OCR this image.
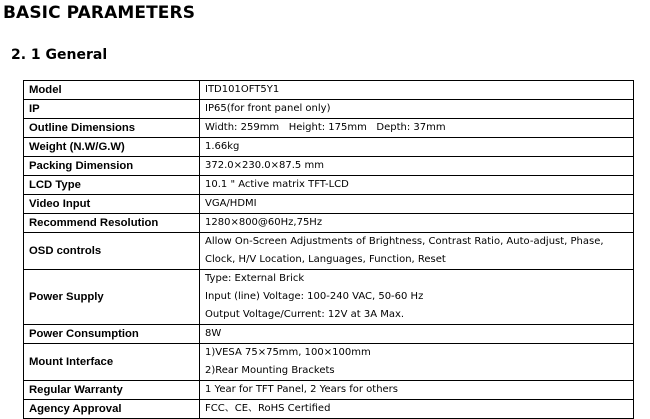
BASIC PARAMETERS
2. 1 General
Model	ITD101OFT5Y1

IP	IP65(for front panel only)

Outline Dimensions	Width: 259mm   Height: 175mm   Depth: 37mm

Weight (N.W/G.W)	1.66kg

Packing Dimension	372.0×230.0×87.5 mm

LCD Type	10.1 " Active matrix TFT-LCD

Video Input	VGA/HDMI

Recommend Resolution	1280×800@60Hz,75Hz

OSD controls	Allow On-Screen Adjustments of Brightness, Contrast Ratio, Auto-adjust, Phase,
Clock, H/V Location, Languages, Function, Reset

Power Supply	Type: External Brick
Input (line) Voltage: 100-240 VAC, 50-60 Hz
Output Voltage/Current: 12V at 3A Max.

Power Consumption	8W

Mount Interface	1)VESA 75×75mm, 100×100mm
2)Rear Mounting Brackets

Regular Warranty	1 Year for TFT Panel, 2 Years for others

Agency Approval	FCC、CE、RoHS Certified
